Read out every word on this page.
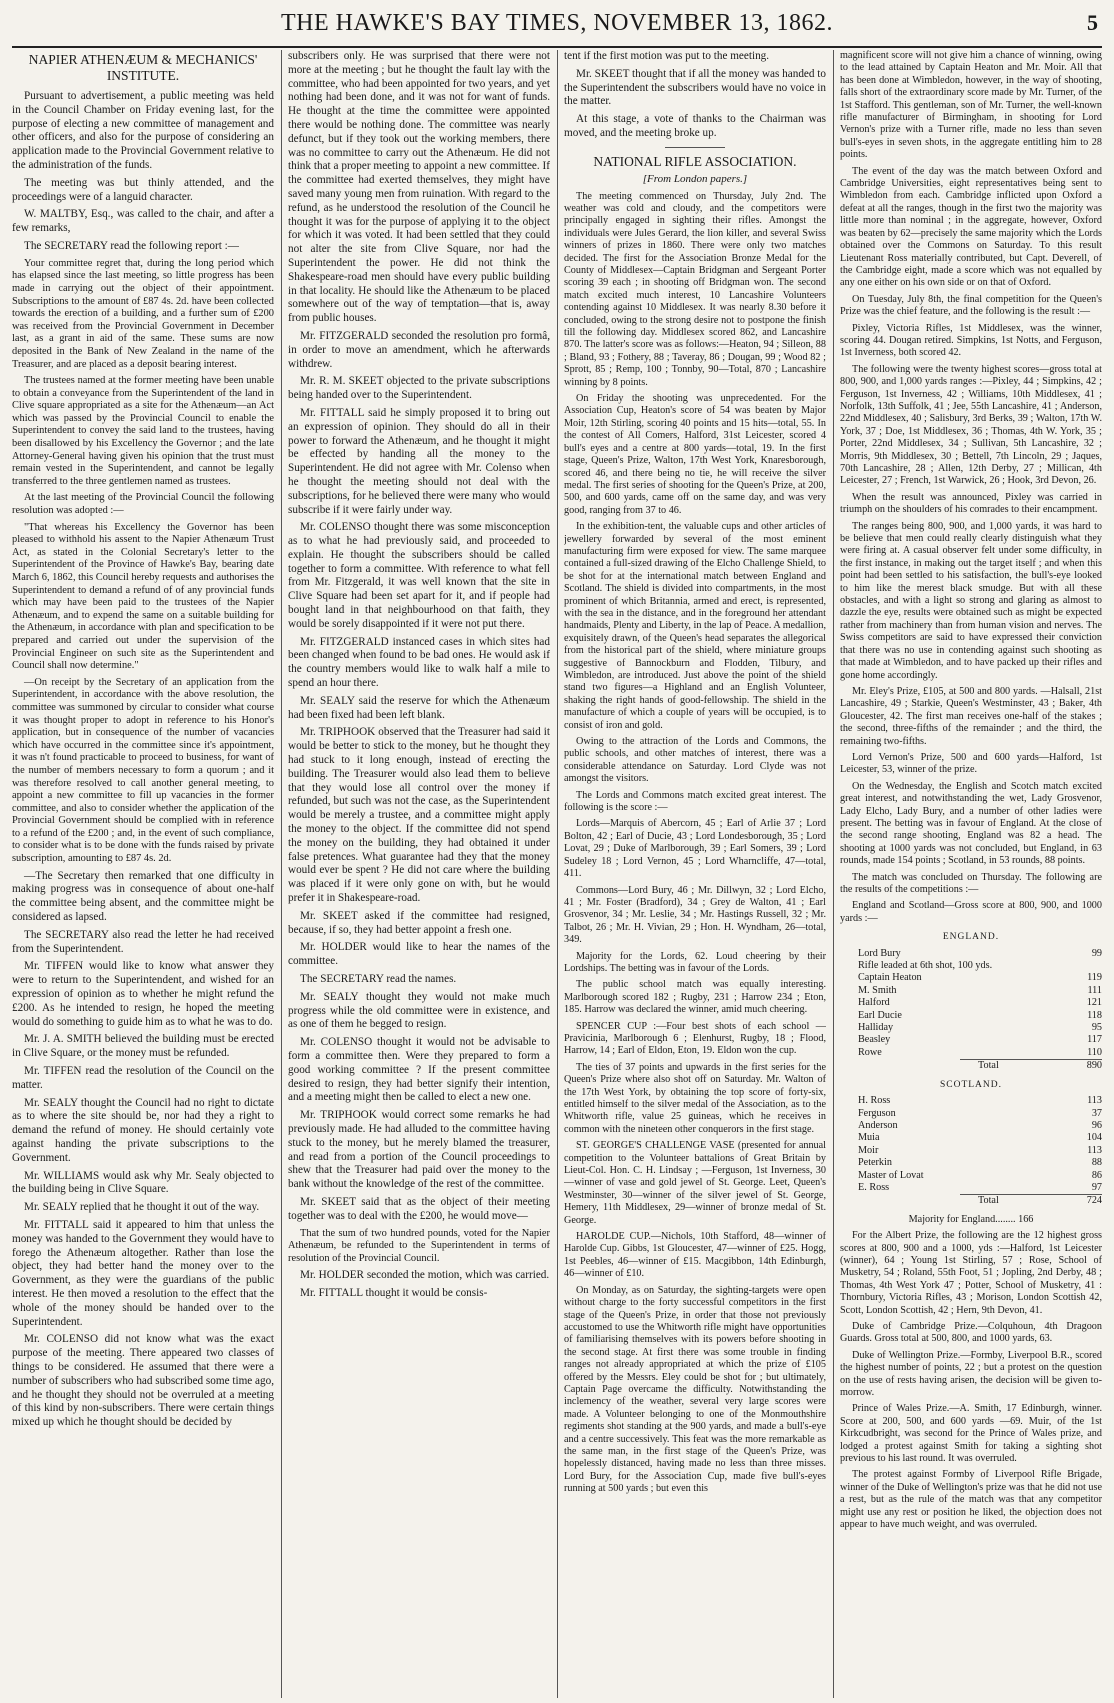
THE HAWKE'S BAY TIMES, NOVEMBER 13, 1862.	5
NAPIER ATHENÆUM & MECHANICS' INSTITUTE.

Pursuant to advertisement, a public meeting was held in the Council Chamber on Friday evening last, for the purpose of electing a new committee of management and other officers, and also for the purpose of considering an application made to the Provincial Government relative to the administration of the funds.

The meeting was but thinly attended, and the proceedings were of a languid character.

W. MALTBY, Esq., was called to the chair, and after a few remarks,

The SECRETARY read the following report :—

Your committee regret that, during the long period which has elapsed since the last meeting, so little progress has been made in carrying out the object of their appointment. Subscriptions to the amount of £87 4s. 2d. have been collected towards the erection of a building, and a further sum of £200 was received from the Provincial Government in December last, as a grant in aid of the same. These sums are now deposited in the Bank of New Zealand in the name of the Treasurer, and are placed as a deposit bearing interest.

The trustees named at the former meeting have been unable to obtain a conveyance from the Superintendent of the land in Clive square appropriated as a site for the Athenæum—an Act which was passed by the Provincial Council to enable the Superintendent to convey the said land to the trustees, having been disallowed by his Excellency the Governor ; and the late Attorney-General having given his opinion that the trust must remain vested in the Superintendent, and cannot be legally transferred to the three gentlemen named as trustees.

At the last meeting of the Provincial Council the following resolution was adopted :—

"That whereas his Excellency the Governor has been pleased to withhold his assent to the Napier Athenæum Trust Act, as stated in the Colonial Secretary's letter to the Superintendent of the Province of Hawke's Bay, bearing date March 6, 1862, this Council hereby requests and authorises the Superintendent to demand a refund of of any provincial funds which may have been paid to the trustees of the Napier Athenæum, and to expend the same on a suitable building for the Athenæum, in accordance with plan and specification to be prepared and carried out under the supervision of the Provincial Engineer on such site as the Superintendent and Council shall now determine."

—On receipt by the Secretary of an application from the Superintendent, in accordance with the above resolution, the committee was summoned by circular to consider what course it was thought proper to adopt in reference to his Honor's application, but in consequence of the number of vacancies which have occurred in the committee since it's appointment, it was n't found practicable to proceed to business, for want of the number of members necessary to form a quorum ; and it was therefore resolved to call another general meeting, to appoint a new committee to fill up vacancies in the former committee, and also to consider whether the application of the Provincial Government should be complied with in reference to a refund of the £200 ; and, in the event of such compliance, to consider what is to be done with the funds raised by private subscription, amounting to £87 4s. 2d.

—The Secretary then remarked that one difficulty in making progress was in consequence of about one-half the committee being absent, and the committee might be considered as lapsed.

The SECRETARY also read the letter he had received from the Superintendent.

Mr. TIFFEN would like to know what answer they were to return to the Superintendent, and wished for an expression of opinion as to whether he might refund the £200. As he intended to resign, he hoped the meeting would do something to guide him as to what he was to do.

Mr. J. A. SMITH believed the building must be erected in Clive Square, or the money must be refunded.

Mr. TIFFEN read the resolution of the Council on the matter.

Mr. SEALY thought the Council had no right to dictate as to where the site should be, nor had they a right to demand the refund of money. He should certainly vote against handing the private subscriptions to the Government.

Mr. WILLIAMS would ask why Mr. Sealy objected to the building being in Clive Square.

Mr. SEALY replied that he thought it out of the way.

Mr. FITTALL said it appeared to him that unless the money was handed to the Government they would have to forego the Athenæum altogether. Rather than lose the object, they had better hand the money over to the Government, as they were the guardians of the public interest. He then moved a resolution to the effect that the whole of the money should be handed over to the Superintendent.

Mr. COLENSO did not know what was the exact purpose of the meeting. There appeared two classes of things to be considered. He assumed that there were a number of subscribers who had subscribed some time ago, and he thought they should not be overruled at a meeting of this kind by non-subscribers. There were certain things mixed up which he thought should be decided by

subscribers only. He was surprised that there were not more at the meeting ; but he thought the fault lay with the committee, who had been appointed for two years, and yet nothing had been done, and it was not for want of funds. He thought at the time the committee were appointed there would be nothing done. The committee was nearly defunct, but if they took out the working members, there was no committee to carry out the Athenæum. He did not think that a proper meeting to appoint a new committee. If the committee had exerted themselves, they might have saved many young men from ruination. With regard to the refund, as he understood the resolution of the Council he thought it was for the purpose of applying it to the object for which it was voted. It had been settled that they could not alter the site from Clive Square, nor had the Superintendent the power. He did not think the Shakespeare-road men should have every public building in that locality. He should like the Athenæum to be placed somewhere out of the way of temptation—that is, away from public houses.

Mr. FITZGERALD seconded the resolution pro formâ, in order to move an amendment, which he afterwards withdrew.

Mr. R. M. SKEET objected to the private subscriptions being handed over to the Superintendent.

Mr. FITTALL said he simply proposed it to bring out an expression of opinion. They should do all in their power to forward the Athenæum, and he thought it might be effected by handing all the money to the Superintendent. He did not agree with Mr. Colenso when he thought the meeting should not deal with the subscriptions, for he believed there were many who would subscribe if it were fairly under way.

Mr. COLENSO thought there was some misconception as to what he had previously said, and proceeded to explain. He thought the subscribers should be called together to form a committee. With reference to what fell from Mr. Fitzgerald, it was well known that the site in Clive Square had been set apart for it, and if people had bought land in that neighbourhood on that faith, they would be sorely disappointed if it were not put there.

Mr. FITZGERALD instanced cases in which sites had been changed when found to be bad ones. He would ask if the country members would like to walk half a mile to spend an hour there.

Mr. SEALY said the reserve for which the Athenæum had been fixed had been left blank.

Mr. TRIPHOOK observed that the Treasurer had said it would be better to stick to the money, but he thought they had stuck to it long enough, instead of erecting the building. The Treasurer would also lead them to believe that they would lose all control over the money if refunded, but such was not the case, as the Superintendent would be merely a trustee, and a committee might apply the money to the object. If the committee did not spend the money on the building, they had obtained it under false pretences. What guarantee had they that the money would ever be spent ? He did not care where the building was placed if it were only gone on with, but he would prefer it in Shakespeare-road.

Mr. SKEET asked if the committee had resigned, because, if so, they had better appoint a fresh one.

Mr. HOLDER would like to hear the names of the committee.

The SECRETARY read the names.

Mr. SEALY thought they would not make much progress while the old committee were in existence, and as one of them he begged to resign.

Mr. COLENSO thought it would not be advisable to form a committee then. Were they prepared to form a good working committee ? If the present committee desired to resign, they had better signify their intention, and a meeting might then be called to elect a new one.

Mr. TRIPHOOK would correct some remarks he had previously made. He had alluded to the committee having stuck to the money, but he merely blamed the treasurer, and read from a portion of the Council proceedings to shew that the Treasurer had paid over the money to the bank without the knowledge of the rest of the committee.

Mr. SKEET said that as the object of their meeting together was to deal with the £200, he would move—

That the sum of two hundred pounds, voted for the Napier Athenæum, be refunded to the Superintendent in terms of resolution of the Provincial Council.

Mr. HOLDER seconded the motion, which was carried.

Mr. FITTALL thought it would be consis-

tent if the first motion was put to the meeting.

Mr. SKEET thought that if all the money was handed to the Superintendent the subscribers would have no voice in the matter.

At this stage, a vote of thanks to the Chairman was moved, and the meeting broke up.

NATIONAL RIFLE ASSOCIATION.
[From London papers.]

The meeting commenced on Thursday, July 2nd. The weather was cold and cloudy, and the competitors were principally engaged in sighting their rifles. Amongst the individuals were Jules Gerard, the lion killer, and several Swiss winners of prizes in 1860. There were only two matches decided. The first for the Association Bronze Medal for the County of Middlesex—Captain Bridgman and Sergeant Porter scoring 39 each ; in shooting off Bridgman won. The second match excited much interest, 10 Lancashire Volunteers contending against 10 Middlesex. It was nearly 8.30 before it concluded, owing to the strong desire not to postpone the finish till the following day. Middlesex scored 862, and Lancashire 870. The latter's score was as follows:—Heaton, 94 ; Silleon, 88 ; Bland, 93 ; Fothery, 88 ; Taveray, 86 ; Dougan, 99 ; Wood 82 ; Sprott, 85 ; Remp, 100 ; Tonnby, 90—Total, 870 ; Lancashire winning by 8 points.

On Friday the shooting was unprecedented. For the Association Cup, Heaton's score of 54 was beaten by Major Moir, 12th Stirling, scoring 40 points and 15 hits—total, 55. In the contest of All Comers, Halford, 31st Leicester, scored 4 bull's eyes and a centre at 800 yards—total, 19. In the first stage, Queen's Prize, Walton, 17th West York, Knaresborough, scored 46, and there being no tie, he will receive the silver medal. The first series of shooting for the Queen's Prize, at 200, 500, and 600 yards, came off on the same day, and was very good, ranging from 37 to 46.

In the exhibition-tent, the valuable cups and other articles of jewellery forwarded by several of the most eminent manufacturing firm were exposed for view. The same marquee contained a full-sized drawing of the Elcho Challenge Shield, to be shot for at the international match between England and Scotland. The shield is divided into compartments, in the most prominent of which Britannia, armed and erect, is represented, with the sea in the distance, and in the foreground her attendant handmaids, Plenty and Liberty, in the lap of Peace. A medallion, exquisitely drawn, of the Queen's head separates the allegorical from the historical part of the shield, where miniature groups suggestive of Bannockburn and Flodden, Tilbury, and Wimbledon, are introduced. Just above the point of the shield stand two figures—a Highland and an English Volunteer, shaking the right hands of good-fellowship. The shield in the manufacture of which a couple of years will be occupied, is to consist of iron and gold.

Owing to the attraction of the Lords and Commons, the public schools, and other matches of interest, there was a considerable attendance on Saturday. Lord Clyde was not amongst the visitors.

The Lords and Commons match excited great interest. The following is the score :—

Lords—Marquis of Abercorn, 45 ; Earl of Arlie 37 ; Lord Bolton, 42 ; Earl of Ducie, 43 ; Lord Londesborough, 35 ; Lord Lovat, 29 ; Duke of Marlborough, 39 ; Earl Somers, 39 ; Lord Sudeley 18 ; Lord Vernon, 45 ; Lord Wharncliffe, 47—total, 411.

Commons—Lord Bury, 46 ; Mr. Dillwyn, 32 ; Lord Elcho, 41 ; Mr. Foster (Bradford), 34 ; Grey de Walton, 41 ; Earl Grosvenor, 34 ; Mr. Leslie, 34 ; Mr. Hastings Russell, 32 ; Mr. Talbot, 26 ; Mr. H. Vivian, 29 ; Hon. H. Wyndham, 26—total, 349.

Majority for the Lords, 62. Loud cheering by their Lordships. The betting was in favour of the Lords.

The public school match was equally interesting. Marlborough scored 182 ; Rugby, 231 ; Harrow 234 ; Eton, 185. Harrow was declared the winner, amid much cheering.

SPENCER CUP :—Four best shots of each school —Pravicinia, Marlborough 6 ; Elenhurst, Rugby, 18 ; Flood, Harrow, 14 ; Earl of Eldon, Eton, 19. Eldon won the cup.

The ties of 37 points and upwards in the first series for the Queen's Prize where also shot off on Saturday. Mr. Walton of the 17th West York, by obtaining the top score of forty-six, entitled himself to the silver medal of the Association, as to the Whitworth rifle, value 25 guineas, which he receives in common with the nineteen other conquerors in the first stage.

ST. GEORGE'S CHALLENGE VASE (presented for annual competition to the Volunteer battalions of Great Britain by Lieut-Col. Hon. C. H. Lindsay ; —Ferguson, 1st Inverness, 30—winner of vase and gold jewel of St. George. Leet, Queen's Westminster, 30—winner of the silver jewel of St. George, Hemery, 11th Middlesex, 29—winner of bronze medal of St. George.

HAROLDE CUP.—Nichols, 10th Stafford, 48—winner of Harolde Cup. Gibbs, 1st Gloucester, 47—winner of £25. Hogg, 1st Peebles, 46—winner of £15. Macgibbon, 14th Edinburgh, 46—winner of £10.

On Monday, as on Saturday, the sighting-targets were open without charge to the forty successful competitors in the first stage of the Queen's Prize, in order that those not previously accustomed to use the Whitworth rifle might have opportunities of familiarising themselves with its powers before shooting in the second stage. At first there was some trouble in finding ranges not already appropriated at which the prize of £105 offered by the Messrs. Eley could be shot for ; but ultimately, Captain Page overcame the difficulty. Notwithstanding the inclemency of the weather, several very large scores were made. A Volunteer belonging to one of the Monmouthshire regiments shot standing at the 900 yards, and made a bull's-eye and a centre successively. This feat was the more remarkable as the same man, in the first stage of the Queen's Prize, was hopelessly distanced, having made no less than three misses. Lord Bury, for the Association Cup, made five bull's-eyes running at 500 yards ; but even this

magnificent score will not give him a chance of winning, owing to the lead attained by Captain Heaton and Mr. Moir. All that has been done at Wimbledon, however, in the way of shooting, falls short of the extraordinary score made by Mr. Turner, of the 1st Stafford. This gentleman, son of Mr. Turner, the well-known rifle manufacturer of Birmingham, in shooting for Lord Vernon's prize with a Turner rifle, made no less than seven bull's-eyes in seven shots, in the aggregate entitling him to 28 points.

The event of the day was the match between Oxford and Cambridge Universities, eight representatives being sent to Wimbledon from each. Cambridge inflicted upon Oxford a defeat at all the ranges, though in the first two the majority was little more than nominal ; in the aggregate, however, Oxford was beaten by 62—precisely the same majority which the Lords obtained over the Commons on Saturday. To this result Lieutenant Ross materially contributed, but Capt. Deverell, of the Cambridge eight, made a score which was not equalled by any one either on his own side or on that of Oxford.

On Tuesday, July 8th, the final competition for the Queen's Prize was the chief feature, and the following is the result :—

Pixley, Victoria Rifles, 1st Middlesex, was the winner, scoring 44. Dougan retired. Simpkins, 1st Notts, and Ferguson, 1st Inverness, both scored 42.

The following were the twenty highest scores—gross total at 800, 900, and 1,000 yards ranges :—Pixley, 44 ; Simpkins, 42 ; Ferguson, 1st Inverness, 42 ; Williams, 10th Middlesex, 41 ; Norfolk, 13th Suffolk, 41 ; Jee, 55th Lancashire, 41 ; Anderson, 22nd Middlesex, 40 ; Salisbury, 3rd Berks, 39 ; Walton, 17th W. York, 37 ; Doe, 1st Middlesex, 36 ; Thomas, 4th W. York, 35 ; Porter, 22nd Middlesex, 34 ; Sullivan, 5th Lancashire, 32 ; Morris, 9th Middlesex, 30 ; Bettell, 7th Lincoln, 29 ; Jaques, 70th Lancashire, 28 ; Allen, 12th Derby, 27 ; Millican, 4th Leicester, 27 ; French, 1st Warwick, 26 ; Hook, 3rd Devon, 26.

When the result was announced, Pixley was carried in triumph on the shoulders of his comrades to their encampment.

The ranges being 800, 900, and 1,000 yards, it was hard to be believe that men could really clearly distinguish what they were firing at. A casual observer felt under some difficulty, in the first instance, in making out the target itself ; and when this point had been settled to his satisfaction, the bull's-eye looked to him like the merest black smudge. But with all these obstacles, and with a light so strong and glaring as almost to dazzle the eye, results were obtained such as might be expected rather from machinery than from human vision and nerves. The Swiss competitors are said to have expressed their conviction that there was no use in contending against such shooting as that made at Wimbledon, and to have packed up their rifles and gone home accordingly.

Mr. Eley's Prize, £105, at 500 and 800 yards. —Halsall, 21st Lancashire, 49 ; Starkie, Queen's Westminster, 43 ; Baker, 4th Gloucester, 42. The first man receives one-half of the stakes ; the second, three-fifths of the remainder ; and the third, the remaining two-fifths.

Lord Vernon's Prize, 500 and 600 yards—Halford, 1st Leicester, 53, winner of the prize.

On the Wednesday, the English and Scotch match excited great interest, and notwithstanding the wet, Lady Grosvenor, Lady Elcho, Lady Bury, and a number of other ladies were present. The betting was in favour of England. At the close of the second range shooting, England was 82 a head. The shooting at 1000 yards was not concluded, but England, in 63 rounds, made 154 points ; Scotland, in 53 rounds, 88 points.

The match was concluded on Thursday. The following are the results of the competitions :—

England and Scotland—Gross score at 800, 900, and 1000 yards :—

ENGLAND.
Lord Bury	99
Rifle leaded at 6th shot, 100 yds.
Captain Heaton	119
M. Smith	111
Halford	121
Earl Ducie	118
Halliday	95
Beasley	117
Rowe	110
Total	890
SCOTLAND.
H. Ross	113
Ferguson	37
Anderson	96
Muia	104
Moir	113
Peterkin	88
Master of Lovat	86
E. Ross	97
Total	724

Majority for England........ 166

For the Albert Prize, the following are the 12 highest gross scores at 800, 900 and a 1000, yds :—Halford, 1st Leicester (winner), 64 ; Young 1st Stirling, 57 ; Rose, School of Musketry, 54 ; Roland, 55th Foot, 51 ; Jopling, 2nd Derby, 48 ; Thomas, 4th West York 47 ; Potter, School of Musketry, 41 : Thornbury, Victoria Rifles, 43 ; Morison, London Scottish 42, Scott, London Scottish, 42 ; Hern, 9th Devon, 41.

Duke of Cambridge Prize.—Colquhoun, 4th Dragoon Guards. Gross total at 500, 800, and 1000 yards, 63.

Duke of Wellington Prize.—Formby, Liverpool B.R., scored the highest number of points, 22 ; but a protest on the question on the use of rests having arisen, the decision will be given to-morrow.

Prince of Wales Prize.—A. Smith, 17 Edinburgh, winner. Score at 200, 500, and 600 yards —69. Muir, of the 1st Kirkcudbright, was second for the Prince of Wales prize, and lodged a protest against Smith for taking a sighting shot previous to his last round. It was overruled.

The protest against Formby of Liverpool Rifle Brigade, winner of the Duke of Wellington's prize was that he did not use a rest, but as the rule of the match was that any competitor might use any rest or position he liked, the objection does not appear to have much weight, and was overruled.
